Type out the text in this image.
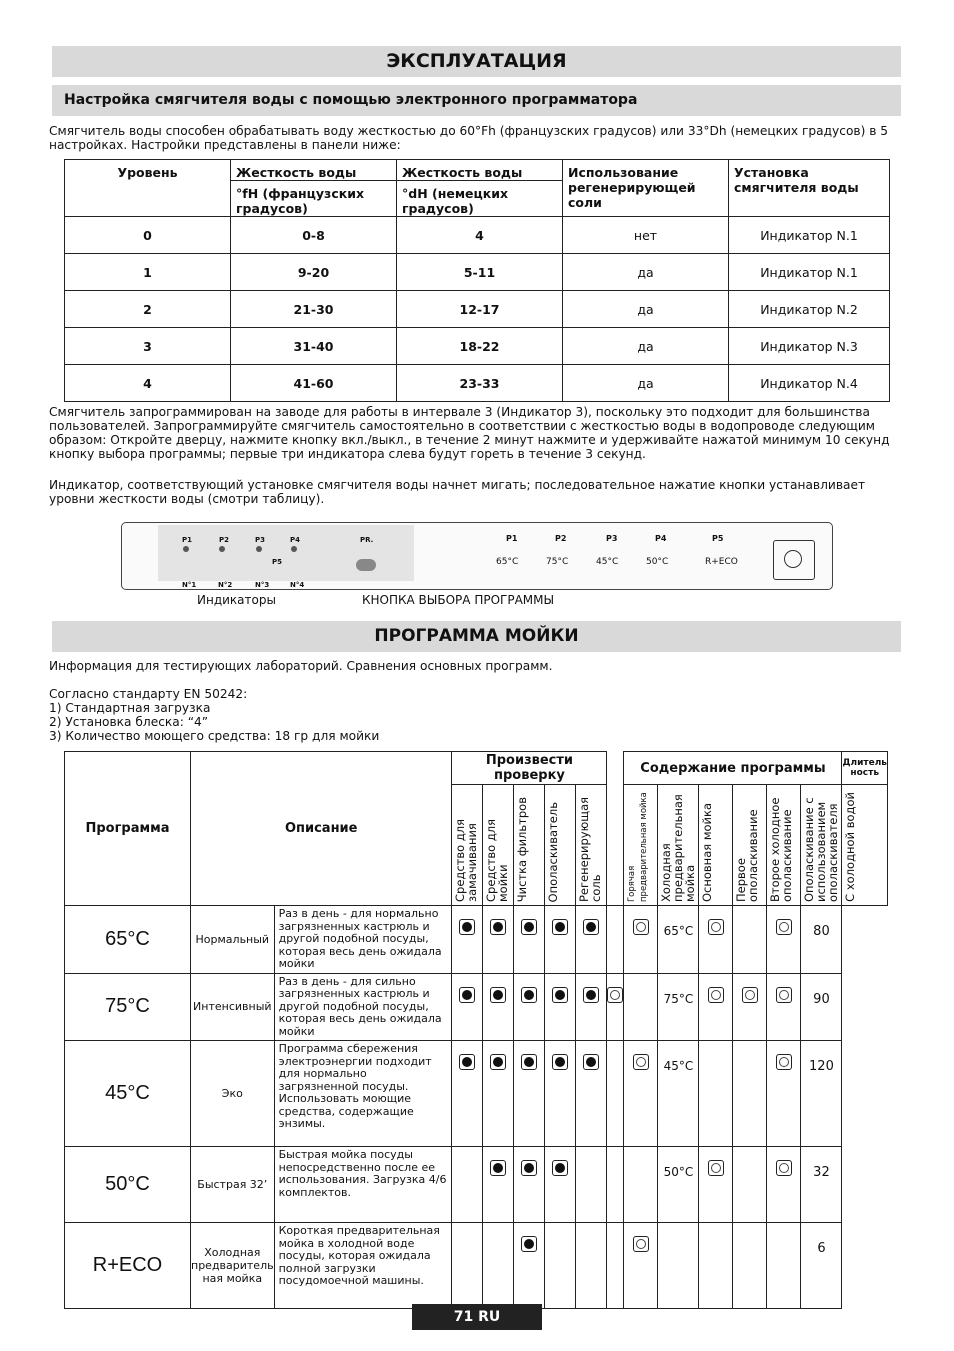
ЭКСПЛУАТАЦИЯ
Настройка смягчителя воды с помощью электронного программатора

Смягчитель воды способен обрабатывать воду жесткостью до 60°Fh (французских градусов) или 33°Dh (немецких градусов) в 5 настройках. Настройки представлены в панели ниже:

Уровень	Жесткость воды	Жесткость воды	Использование регенерирующей соли	Установка смягчителя воды
	°fH (французских градусов)	°dH (немецких градусов)		
0	0-8	4	нет	Индикатор N.1
1	9-20	5-11	да	Индикатор N.1
2	21-30	12-17	да	Индикатор N.2
3	31-40	18-22	да	Индикатор N.3
4	41-60	23-33	да	Индикатор N.4

Смягчитель запрограммирован на заводе для работы в интервале 3 (Индикатор 3), поскольку это подходит для большинства пользователей. Запрограммируйте смягчитель самостоятельно в соответствии с жесткостью воды в водопроводе следующим образом: Откройте дверцу, нажмите кнопку вкл./выкл., в течение 2 минут нажмите и удерживайте нажатой минимум 10 секунд кнопку выбора программы; первые три индикатора слева будут гореть в течение 3 секунд.

Индикатор, соответствующий установке смягчителя воды начнет мигать; последовательное нажатие кнопки устанавливает уровни жесткости воды (смотри таблицу).

P1	P2	P3	P4
P5
N°1	N°2	N°3	N°4
PR.	P1	P2	P3	P4	P5
65°C	75°C	45°C	50°C	R+ECO
Индикаторы	КНОПКА ВЫБОРА ПРОГРАММЫ
ПРОГРАММА МОЙКИ

Информация для тестирующих лабораторий. Сравнения основных программ.

Согласно стандарту EN 50242:

1) Стандартная загрузка

2) Установка блеска: “4”

3) Количество моющего средства: 18 гр для мойки

Программа	Описание		Произвести проверку						Содержание программы						Длитель ность

			Средство для замачивания	Средство для мойки	Чистка фильтров	Ополаскиватель	Регенерирующая соль		Горячая предварительная мойка	Холодная предварительная мойка	Основная мойка	Первое ополаскивание	Второе холодное ополаскивание	Ополаскивание с использованием ополаскивателя	С холодной водой

65°C	Нормальный	Раз в день - для нормально загрязненных кастрюль и другой подобной посуды, которая весь день ожидала мойки								65°C				80	

75°C	Интенсивный	Раз в день - для сильно загрязненных кастрюль и другой подобной посуды, которая весь день ожидала мойки								75°C				90	

45°C	Эко	Программа сбережения электроэнергии подходит для нормально загрязненной посуды. Использовать моющие средства, содержащие энзимы.								45°C				120	

50°C	Быстрая 32’	Быстрая мойка посуды непосредственно после ее использования. Загрузка 4/6 комплектов.								50°C				32	

R+ECO	Холодная предваритель ная мойка	Короткая предварительная мойка в холодной воде посуды, которая ожидала полной загрузки посудомоечной машины.												6	
71 RU
